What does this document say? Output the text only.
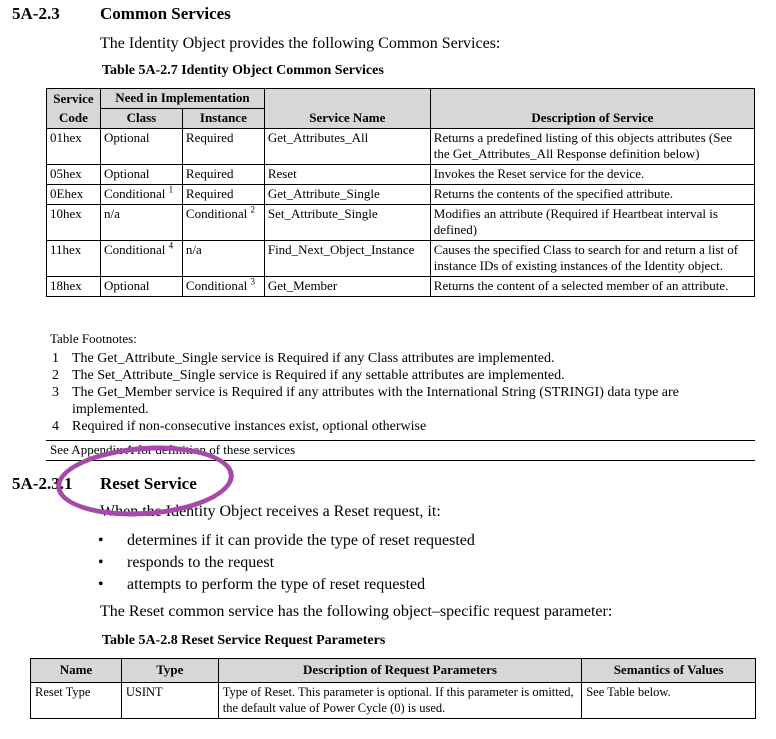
5A-2.3 Common Services
The Identity Object provides the following Common Services:
Table 5A-2.7 Identity Object Common Services
Service	Need in Implementation		Service Name	Description of Service
Code	Class	Instance		
01hex	Optional	Required	Get_Attributes_All	Returns a predefined listing of this objects attributes (See the Get_Attributes_All Response definition below)
05hex	Optional	Required	Reset	Invokes the Reset service for the device.
0Ehex	Conditional $^1$	Required	Get_Attribute_Single	Returns the contents of the specified attribute.
10hex	n/a	Conditional $^2$	Set_Attribute_Single	Modifies an attribute (Required if Heartbeat interval is defined)
11hex	Conditional $^4$	n/a	Find_Next_Object_Instance	Causes the specified Class to search for and return a list of instance IDs of existing instances of the Identity object.
18hex	Optional	Conditional $^3$	Get_Member	Returns the content of a selected member of an attribute.
Table Footnotes:
1 The Get_Attribute_Single service is Required if any Class attributes are implemented.
2 The Set_Attribute_Single service is Required if any settable attributes are implemented.
3 The Get_Member service is Required if any attributes with the International String (STRINGI) data type are implemented.
4 Required if non-consecutive instances exist, optional otherwise
See Appendix A for definition of these services
5A-2.3.1 Reset Service
When the Identity Object receives a Reset request, it:
• determines if it can provide the type of reset requested
• responds to the request
• attempts to perform the type of reset requested
The Reset common service has the following object–specific request parameter:
Table 5A-2.8 Reset Service Request Parameters
Name	Type	Description of Request Parameters	Semantics of Values
Reset Type	USINT	Type of Reset. This parameter is optional. If this parameter is omitted, the default value of Power Cycle (0) is used.	See Table below.
